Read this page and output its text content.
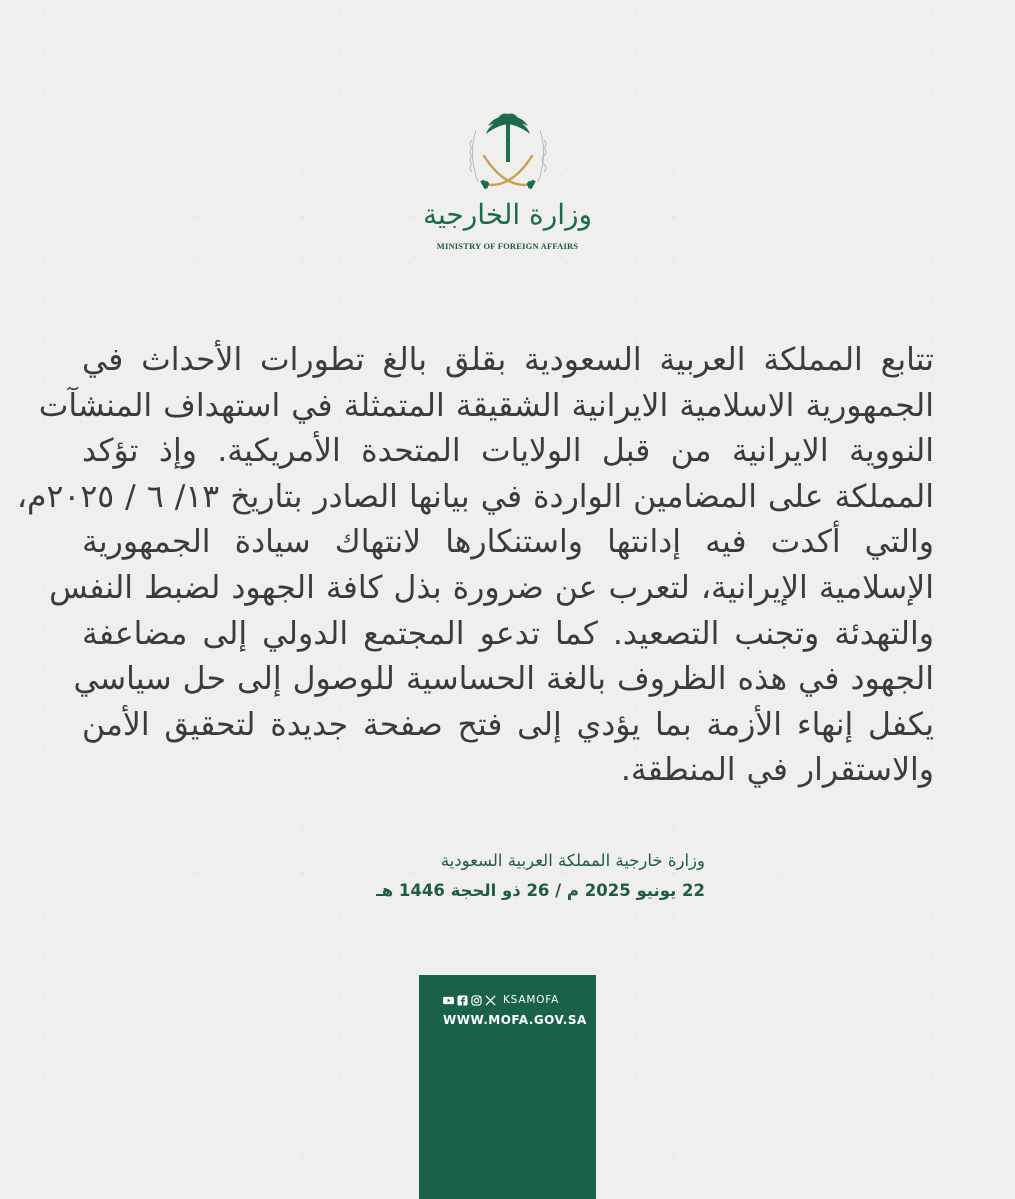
وزارة الخارجية
MINISTRY OF FOREIGN AFFAIRS
تتابع المملكة العربية السعودية بقلق بالغ تطورات الأحداث في
الجمهورية الاسلامية الايرانية الشقيقة المتمثلة في استهداف المنشآت
النووية الايرانية من قبل الولايات المتحدة الأمريكية. وإذ تؤكد
المملكة على المضامين الواردة في بيانها الصادر بتاريخ ١٣/ ٦ / ٢٠٢٥م،
والتي أكدت فيه إدانتها واستنكارها لانتهاك سيادة الجمهورية
الإسلامية الإيرانية، لتعرب عن ضرورة بذل كافة الجهود لضبط النفس
والتهدئة وتجنب التصعيد. كما تدعو المجتمع الدولي إلى مضاعفة
الجهود في هذه الظروف بالغة الحساسية للوصول إلى حل سياسي
يكفل إنهاء الأزمة بما يؤدي إلى فتح صفحة جديدة لتحقيق الأمن
والاستقرار في المنطقة.
وزارة خارجية المملكة العربية السعودية
22 يونيو 2025 م / 26 ذو الحجة 1446 هـ
KSAMOFA
WWW.MOFA.GOV.SA
